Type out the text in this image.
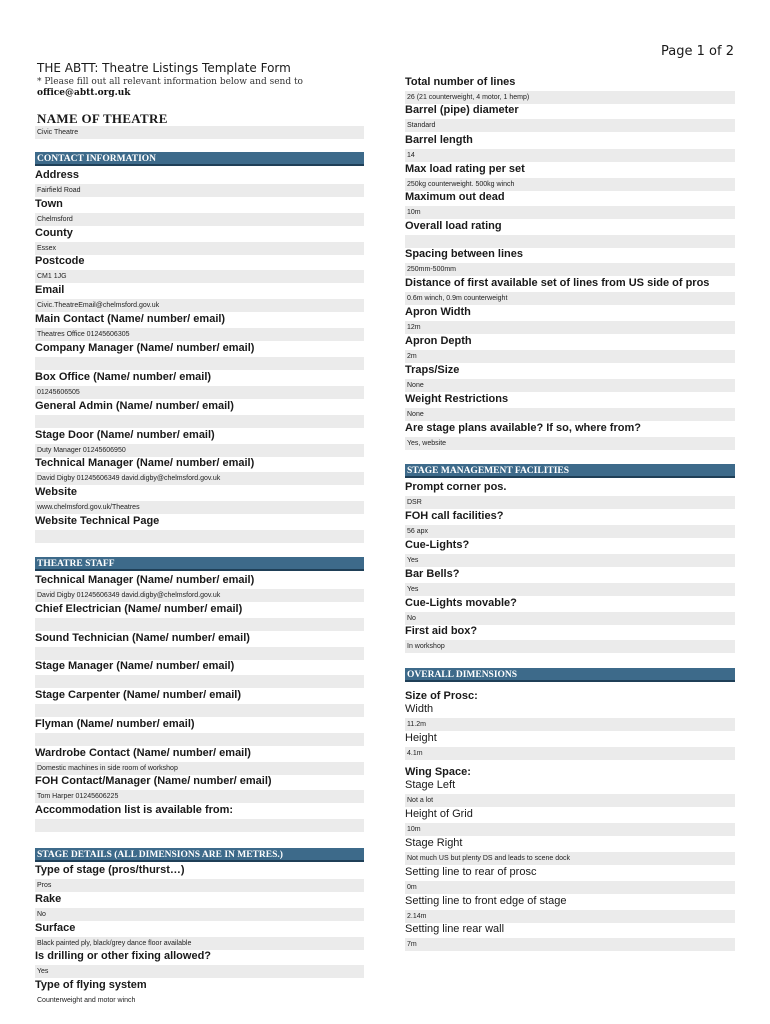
Page 1 of 2
THE ABTT: Theatre Listings Template Form
* Please fill out all relevant information below and send to
office@abtt.org.uk
NAME OF THEATRE
Civic Theatre
CONTACT INFORMATION
Address
Fairfield Road
Town
Chelmsford
County
Essex
Postcode
CM1 1JG
Email
Civic.TheatreEmail@chelmsford.gov.uk
Main Contact (Name/ number/ email)
Theatres Office 01245606305
Company Manager (Name/ number/ email)
Box Office (Name/ number/ email)
01245606505
General Admin (Name/ number/ email)
Stage Door (Name/ number/ email)
Duty Manager 01245606950
Technical Manager (Name/ number/ email)
David Digby 01245606349 david.digby@chelmsford.gov.uk
Website
www.chelmsford.gov.uk/Theatres
Website Technical Page
THEATRE STAFF
Technical Manager (Name/ number/ email)
David Digby 01245606349 david.digby@chelmsford.gov.uk
Chief Electrician (Name/ number/ email)
Sound Technician (Name/ number/ email)
Stage Manager (Name/ number/ email)
Stage Carpenter (Name/ number/ email)
Flyman (Name/ number/ email)
Wardrobe Contact (Name/ number/ email)
Domestic machines in side room of workshop
FOH Contact/Manager (Name/ number/ email)
Tom Harper 01245606225
Accommodation list is available from:
STAGE DETAILS (ALL DIMENSIONS ARE IN METRES.)
Type of stage (pros/thurst…)
Pros
Rake
No
Surface
Black painted ply, black/grey dance floor available
Is drilling or other fixing allowed?
Yes
Type of flying system
Counterweight and motor winch
Total number of lines
26 (21 counterweight, 4 motor, 1 hemp)
Barrel (pipe) diameter
Standard
Barrel length
14
Max load rating per set
250kg counterweight. 500kg winch
Maximum out dead
10m
Overall load rating
Spacing between lines
250mm-500mm
Distance of first available set of lines from US side of pros
0.6m winch, 0.9m counterweight
Apron Width
12m
Apron Depth
2m
Traps/Size
None
Weight Restrictions
None
Are stage plans available? If so, where from?
Yes, website
STAGE MANAGEMENT FACILITIES
Prompt corner pos.
DSR
FOH call facilities?
56 apx
Cue-Lights?
Yes
Bar Bells?
Yes
Cue-Lights movable?
No
First aid box?
In workshop
OVERALL DIMENSIONS
Size of Prosc:
Width
11.2m
Height
4.1m
Wing Space:
Stage Left
Not a lot
Height of Grid
10m
Stage Right
Not much US but plenty DS and leads to scene dock
Setting line to rear of prosc
0m
Setting line to front edge of stage
2.14m
Setting line rear wall
7m
